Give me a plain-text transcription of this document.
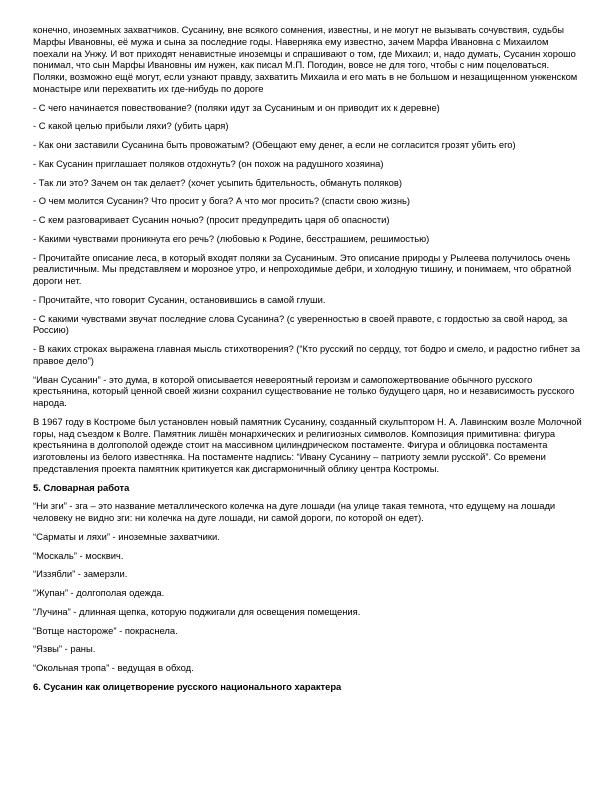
конечно, иноземных захватчиков. Сусанину, вне всякого сомнения, известны, и не могут не вызывать сочувствия, судьбы Марфы Ивановны, её мужа и сына за последние годы. Наверняка ему известно, зачем Марфа Ивановна с Михаилом поехали на Унжу. И вот приходят ненавистные иноземцы и спрашивают о том, где Михаил; и, надо думать, Сусанин хорошо понимал, что сын Марфы Ивановны им нужен, как писал М.П. Погодин, вовсе не для того, чтобы с ним поцеловаться. Поляки, возможно ещё могут, если узнают правду, захватить Михаила и его мать в не большом и незащищенном унженском монастыре или перехватить их где-нибудь по дороге
- С чего начинается повествование? (поляки идут за Сусаниным и он приводит их к деревне)
- С какой целью прибыли ляхи? (убить царя)
- Как они заставили Сусанина быть провожатым? (Обещают ему денег, а если не согласится грозят убить его)
- Как Сусанин приглашает поляков отдохнуть? (он похож на радушного хозяина)
- Так ли это? Зачем он так делает? (хочет усыпить бдительность, обмануть поляков)
- О чем молится Сусанин? Что просит у бога? А что мог просить? (спасти свою жизнь)
- С кем разговаривает Сусанин ночью? (просит предупредить царя об опасности)
- Какими чувствами проникнута его речь? (любовью к Родине, бесстрашием, решимостью)
- Прочитайте описание леса, в который входят поляки за Сусаниным. Это описание природы у Рылеева получилось очень реалистичным. Мы представляем и морозное утро, и непроходимые дебри, и холодную тишину, и понимаем, что обратной дороги нет.
- Прочитайте, что говорит Сусанин, остановившись в самой глуши.
- С какими чувствами звучат последние слова Сусанина? (с уверенностью в своей правоте, с гордостью за свой народ, за Россию)
- В каких строках выражена главная мысль стихотворения? (“Кто русский по сердцу, тот бодро и смело, и радостно гибнет за правое дело”)
“Иван Сусанин” - это дума, в которой описывается невероятный героизм и самопожертвование обычного русского крестьянина, который ценной своей жизни сохранил существование не только будущего царя, но и независимость русского народа.
В 1967 году в Костроме был установлен новый памятник Сусанину, созданный скульптором Н. А. Лавинским возле Молочной горы, над съездом к Волге. Памятник лишён монархических и религиозных символов. Композиция примитивна: фигура крестьянина в долгополой одежде стоит на массивном цилиндрическом постаменте. Фигура и облицовка постамента изготовлены из белого известняка. На постаменте надпись: “Ивану Сусанину – патриоту земли русской”. Со времени представления проекта памятник критикуется как дисгармоничный облику центра Костромы.
5. Словарная работа
“Ни зги” - зга – это название металлического колечка на дуге лошади (на улице такая темнота, что едущему на лошади человеку не видно зги: ни колечка на дуге лошади, ни самой дороги, по которой он едет).
“Сарматы и ляхи” - иноземные захватчики.
“Москаль” - москвич.
“Иззябли” - замерзли.
“Жупан” - долгополая одежда.
“Лучина” - длинная щепка, которую поджигали для освещения помещения.
“Вотще настороже” - покраснела.
“Язвы” - раны.
“Окольная тропа” - ведущая в обход.
6. Сусанин как олицетворение русского национального характера
